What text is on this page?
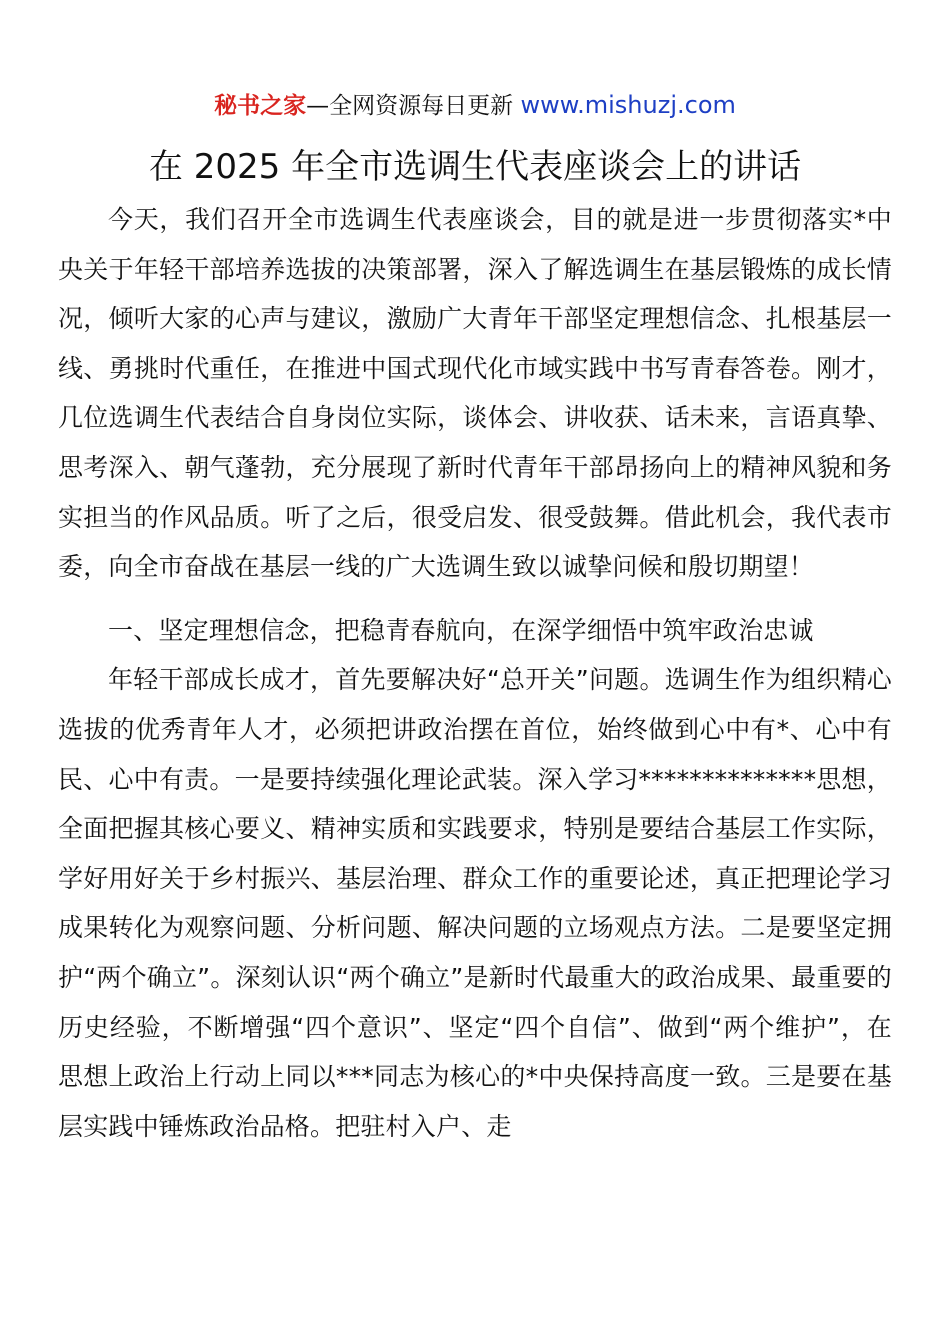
秘书之家—全网资源每日更新 www.mishuzj.com
在 2025 年全市选调生代表座谈会上的讲话

今天，我们召开全市选调生代表座谈会，目的就是进一步贯彻落实*中央关于年轻干部培养选拔的决策部署，深入了解选调生在基层锻炼的成长情况，倾听大家的心声与建议，激励广大青年干部坚定理想信念、扎根基层一线、勇挑时代重任，在推进中国式现代化市域实践中书写青春答卷。刚才，几位选调生代表结合自身岗位实际，谈体会、讲收获、话未来，言语真挚、思考深入、朝气蓬勃，充分展现了新时代青年干部昂扬向上的精神风貌和务实担当的作风品质。听了之后，很受启发、很受鼓舞。借此机会，我代表市委，向全市奋战在基层一线的广大选调生致以诚挚问候和殷切期望！

一、坚定理想信念，把稳青春航向，在深学细悟中筑牢政治忠诚

年轻干部成长成才，首先要解决好“总开关”问题。选调生作为组织精心选拔的优秀青年人才，必须把讲政治摆在首位，始终做到心中有*、心中有民、心中有责。一是要持续强化理论武装。深入学习**************思想，全面把握其核心要义、精神实质和实践要求，特别是要结合基层工作实际，学好用好关于乡村振兴、基层治理、群众工作的重要论述，真正把理论学习成果转化为观察问题、分析问题、解决问题的立场观点方法。二是要坚定拥护“两个确立”。深刻认识“两个确立”是新时代最重大的政治成果、最重要的历史经验，不断增强“四个意识”、坚定“四个自信”、做到“两个维护”，在思想上政治上行动上同以***同志为核心的*中央保持高度一致。三是要在基层实践中锤炼政治品格。把驻村入户、走
